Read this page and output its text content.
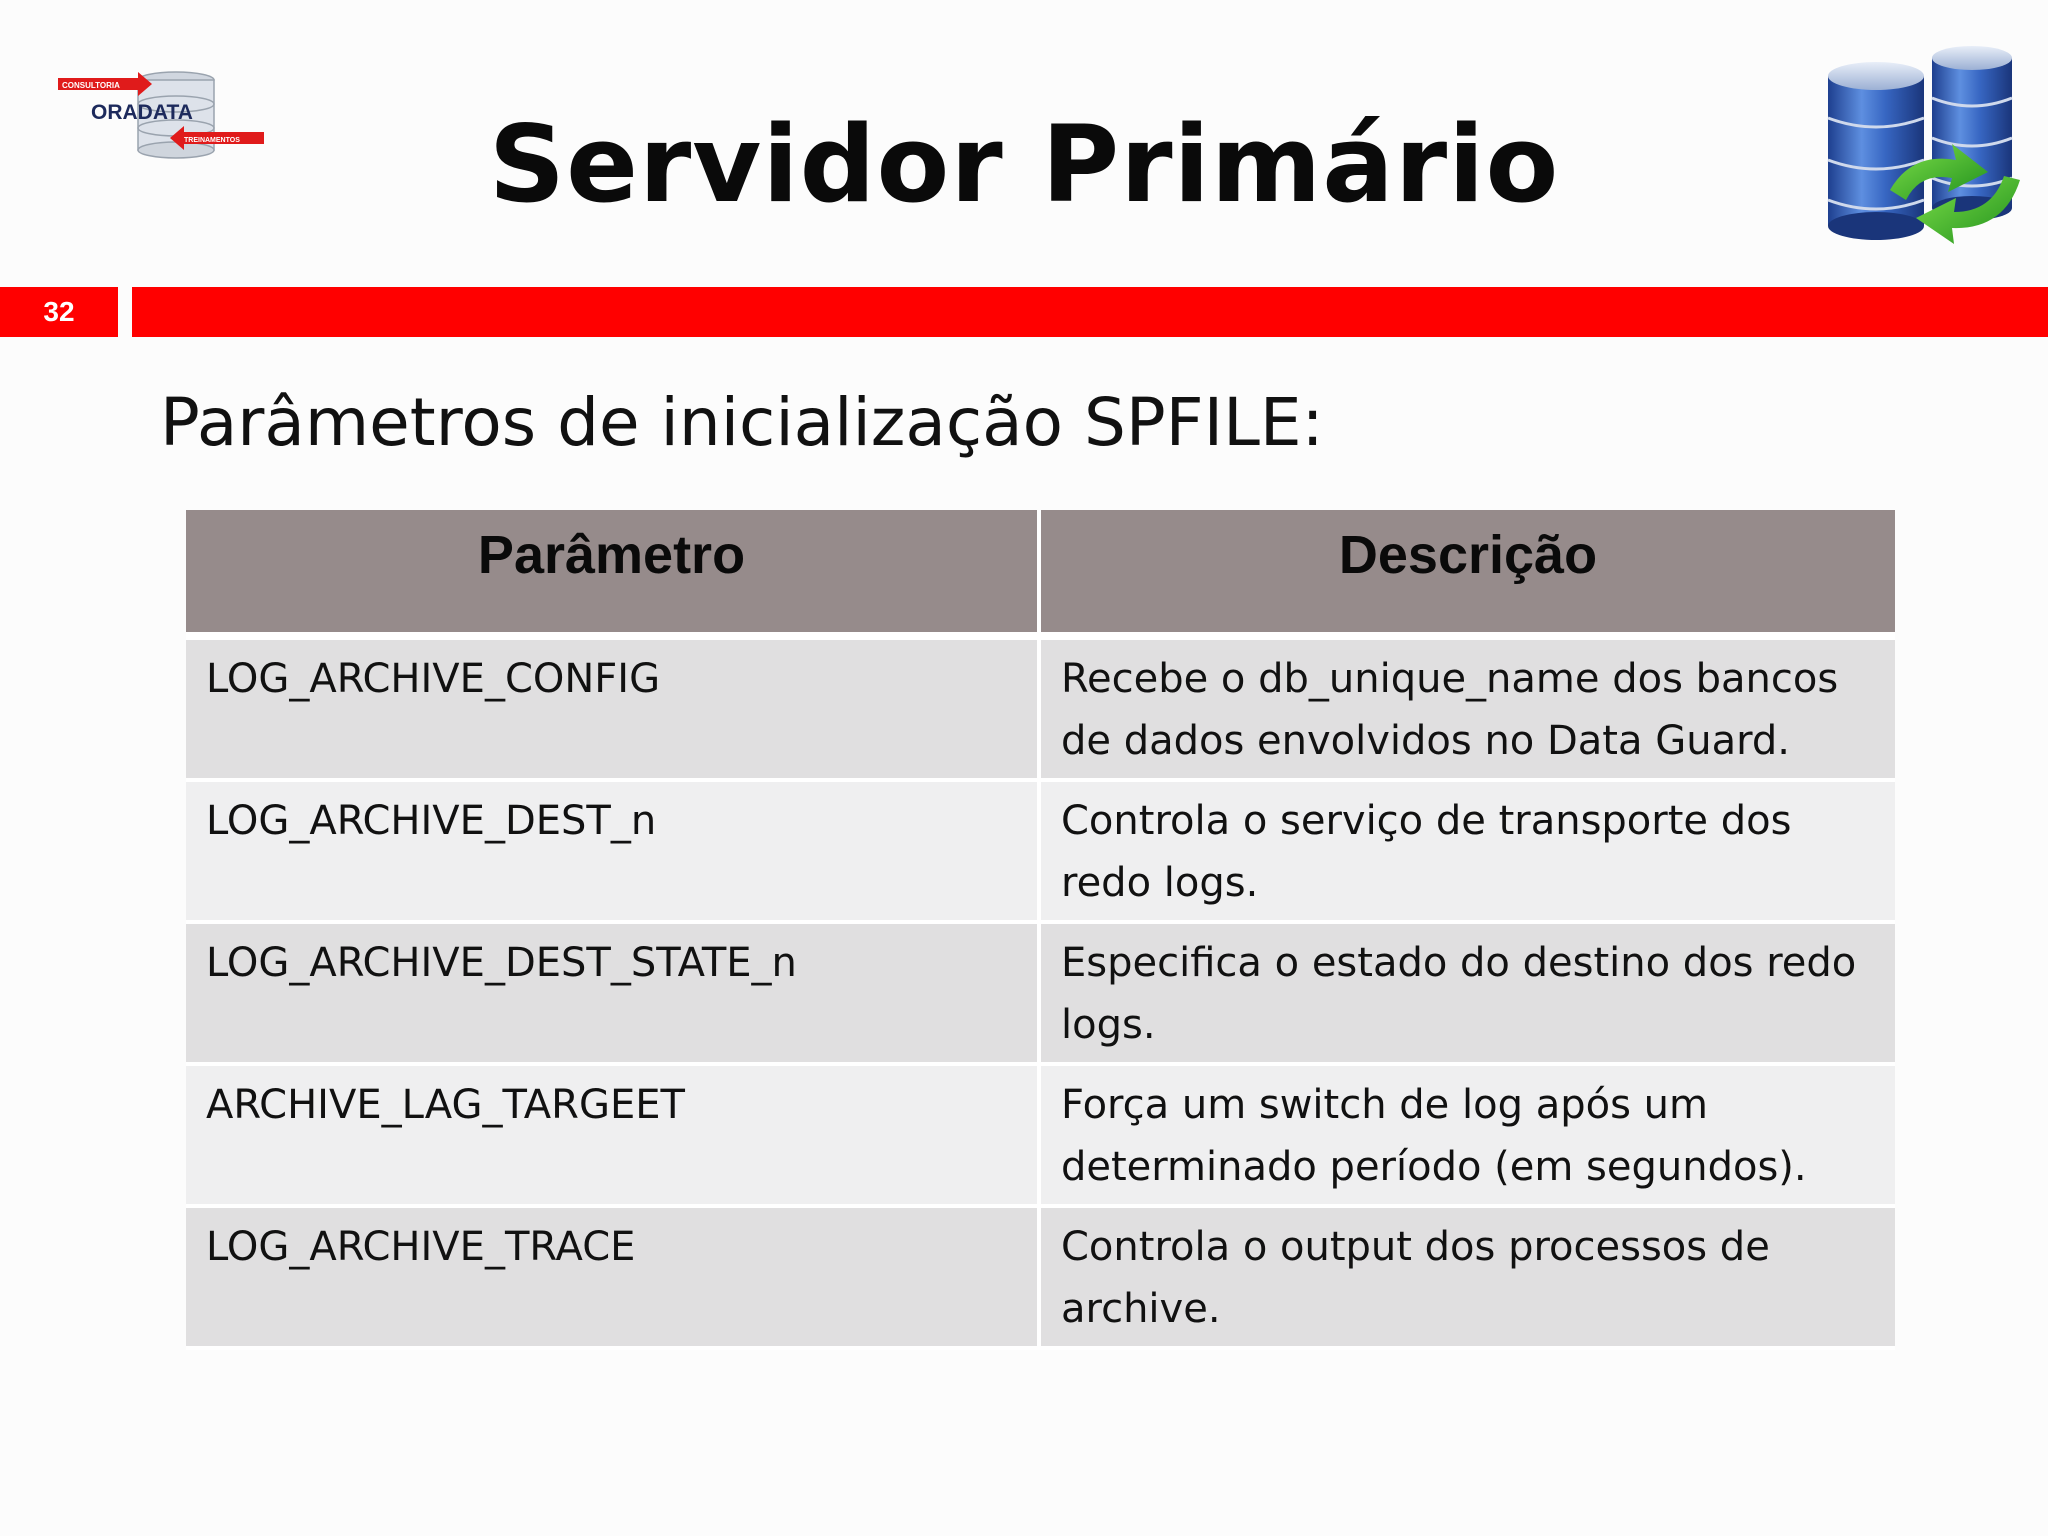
CONSULTORIA
TREINAMENTOS
ORADATA	Servidor Primário
32
Parâmetros de inicialização SPFILE:
Parâmetro	Descrição
LOG_ARCHIVE_CONFIG	Recebe o db_unique_name dos bancos de dados envolvidos no Data Guard.
LOG_ARCHIVE_DEST_n	Controla o serviço de transporte dos redo logs.
LOG_ARCHIVE_DEST_STATE_n	Especifica o estado do destino dos redo logs.
ARCHIVE_LAG_TARGEET	Força um switch de log após um determinado período (em segundos).
LOG_ARCHIVE_TRACE	Controla o output dos processos de archive.
